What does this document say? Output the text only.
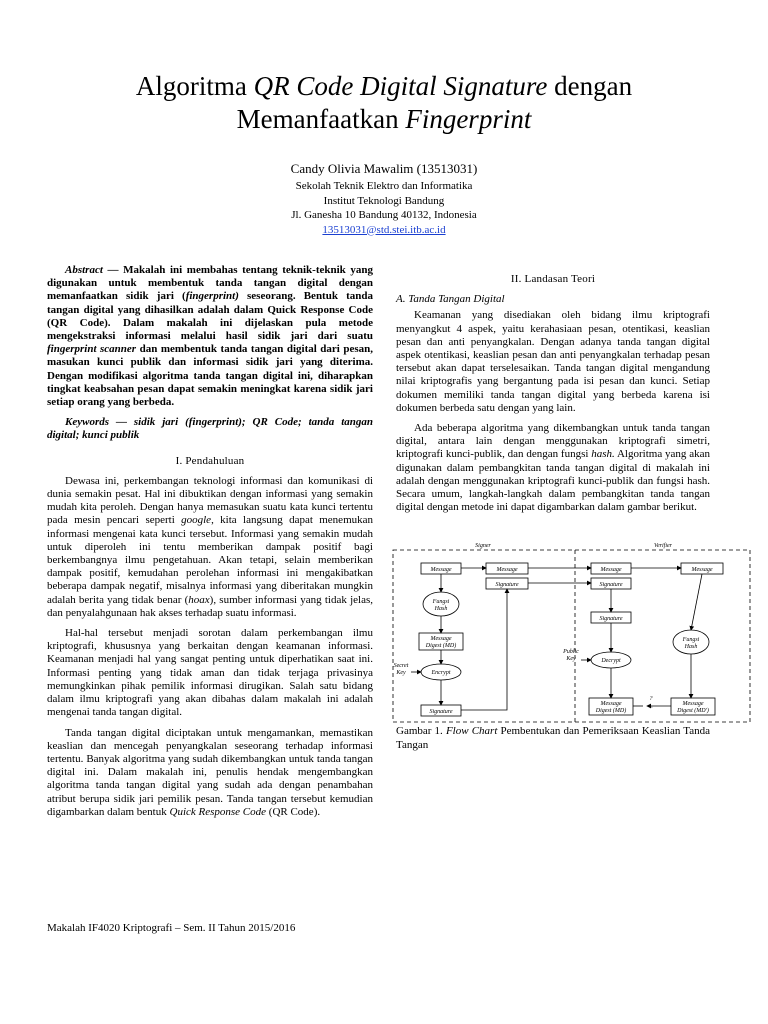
Algoritma QR Code Digital Signature dengan
Memanfaatkan Fingerprint
Candy Olivia Mawalim (13513031)
Sekolah Teknik Elektro dan Informatika
Institut Teknologi Bandung
Jl. Ganesha 10 Bandung 40132, Indonesia
13513031@std.stei.itb.ac.id

Abstract — Makalah ini membahas tentang teknik-teknik yang digunakan untuk membentuk tanda tangan digital dengan memanfaatkan sidik jari (fingerprint) seseorang. Bentuk tanda tangan digital yang dihasilkan adalah dalam Quick Response Code (QR Code). Dalam makalah ini dijelaskan pula metode mengekstraksi informasi melalui hasil sidik jari dari suatu fingerprint scanner dan membentuk tanda tangan digital dari pesan, masukan kunci publik dan informasi sidik jari yang diterima. Dengan modifikasi algoritma tanda tangan digital ini, diharapkan tingkat keabsahan pesan dapat semakin meningkat karena sidik jari setiap orang yang berbeda.

Keywords — sidik jari (fingerprint); QR Code; tanda tangan digital; kunci publik

I. Pendahuluan

Dewasa ini, perkembangan teknologi informasi dan komunikasi di dunia semakin pesat. Hal ini dibuktikan dengan informasi yang semakin mudah kita peroleh. Dengan hanya memasukan suatu kata kunci tertentu pada mesin pencari seperti google, kita langsung dapat menemukan informasi mengenai kata kunci tersebut. Informasi yang semakin mudah untuk diperoleh ini tentu memberikan dampak positif bagi berkembangnya ilmu pengetahuan. Akan tetapi, selain memberikan dampak positif, kemudahan perolehan informasi ini mengakibatkan beberapa dampak negatif, misalnya informasi yang diberitakan mungkin adalah berita yang tidak benar (hoax), sumber informasi yang tidak jelas, dan penyalahgunaan hak akses terhadap suatu informasi.

Hal-hal tersebut menjadi sorotan dalam perkembangan ilmu kriptografi, khususnya yang berkaitan dengan keamanan informasi. Keamanan menjadi hal yang sangat penting untuk diperhatikan saat ini. Informasi penting yang tidak aman dan tidak terjaga privasinya memungkinkan pihak pemilik informasi dirugikan. Salah satu bidang dalam ilmu kriptografi yang akan dibahas dalam makalah ini adalah mengenai tanda tangan digital.

Tanda tangan digital diciptakan untuk mengamankan, memastikan keaslian dan mencegah penyangkalan seseorang terhadap informasi tertentu. Banyak algoritma yang sudah dikembangkan untuk tanda tangan digital ini. Dalam makalah ini, penulis hendak mengembangkan algoritma tanda tangan digital yang sudah ada dengan penambahan atribut berupa sidik jari pemilik pesan. Tanda tangan tersebut kemudian digambarkan dalam bentuk Quick Response Code (QR Code).

II. Landasan Teori
A. Tanda Tangan Digital

Keamanan yang disediakan oleh bidang ilmu kriptografi menyangkut 4 aspek, yaitu kerahasiaan pesan, otentikasi, keaslian pesan dan anti penyangkalan. Dengan adanya tanda tangan digital aspek otentikasi, keaslian pesan dan anti penyangkalan terhadap pesan tersebut akan dapat terselesaikan. Tanda tangan digital mengandung nilai kriptografis yang bergantung pada isi pesan dan kunci. Setiap dokumen memiliki tanda tangan digital yang berbeda karena isi dokumen berbeda satu dengan yang lain.

Ada beberapa algoritma yang dikembangkan untuk tanda tangan digital, antara lain dengan menggunakan kriptografi simetri, kriptografi kunci-publik, dan dengan fungsi hash. Algoritma yang akan digunakan dalam pembangkitan tanda tangan digital di makalah ini adalah dengan menggunakan kriptografi kunci-publik dan fungsi hash. Secara umum, langkah-langkah dalam pembangkitan tanda tangan digital dengan metode ini dapat digambarkan dalam gambar berikut.

Signer	Verifier
Message	Message
Signature
Fungsi
Hash
Message
Digest (MD)
Encrypt
Secret
Key
Signature
Message
Signature
Signature
Message
Fungsi
Hash
Decrypt
Public
Key
Message
Digest (MD)
Message
Digest (MD')
?
=

Gambar 1. Flow Chart Pembentukan dan Pemeriksaan Keaslian Tanda Tangan

Makalah IF4020 Kriptografi – Sem. II Tahun 2015/2016
